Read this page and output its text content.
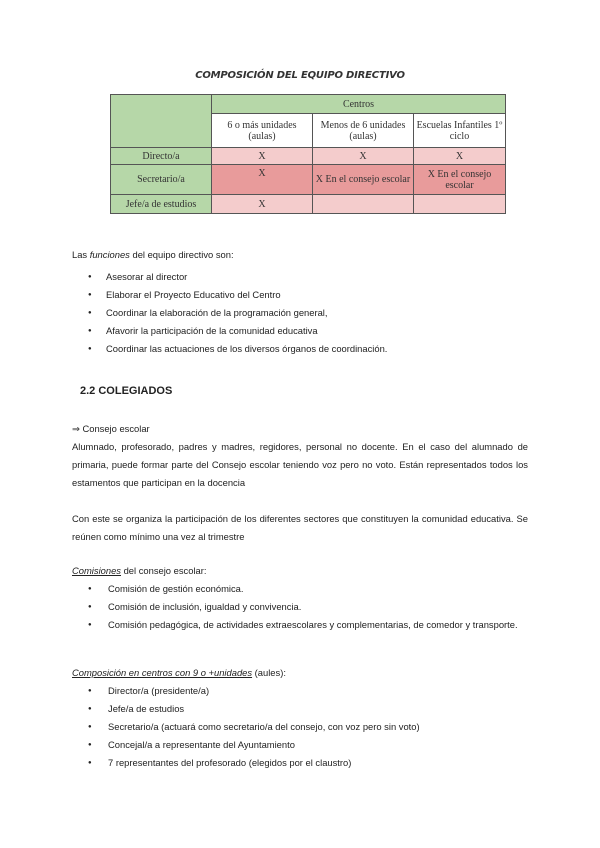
COMPOSICIÓN DEL EQUIPO DIRECTIVO
	Centros		
	6 o más unidades (aulas)	Menos de 6 unidades (aulas)	Escuelas Infantiles 1º ciclo
Directo/a	X	X	X
Secretario/a	X	X En el consejo escolar	X En el consejo escolar
Jefe/a de estudios	X		

Las funciones del equipo directivo son:

● Asesorar al director
● Elaborar el Proyecto Educativo del Centro
● Coordinar la elaboración de la programación general,
● Afavorir la participación de la comunidad educativa
● Coordinar las actuaciones de los diversos órganos de coordinación.
2.2 COLEGIADOS

⇒ Consejo escolar

Alumnado, profesorado, padres y madres, regidores, personal no docente. En el caso del alumnado de primaria, puede formar parte del Consejo escolar teniendo voz pero no voto. Están representados todos los estamentos que participan en la docencia

Con este se organiza la participación de los diferentes sectores que constituyen la comunidad educativa. Se reúnen como mínimo una vez al trimestre

Comisiones del consejo escolar:

● Comisión de gestión económica.
● Comisión de inclusión, igualdad y convivencia.
● Comisión pedagógica, de actividades extraescolares y complementarias, de comedor y transporte.

Composición en centros con 9 o +unidades (aules):

● Director/a (presidente/a)
● Jefe/a de estudios
● Secretario/a (actuará como secretario/a del consejo, con voz pero sin voto)
● Concejal/a a representante del Ayuntamiento
● 7 representantes del profesorado (elegidos por el claustro)
